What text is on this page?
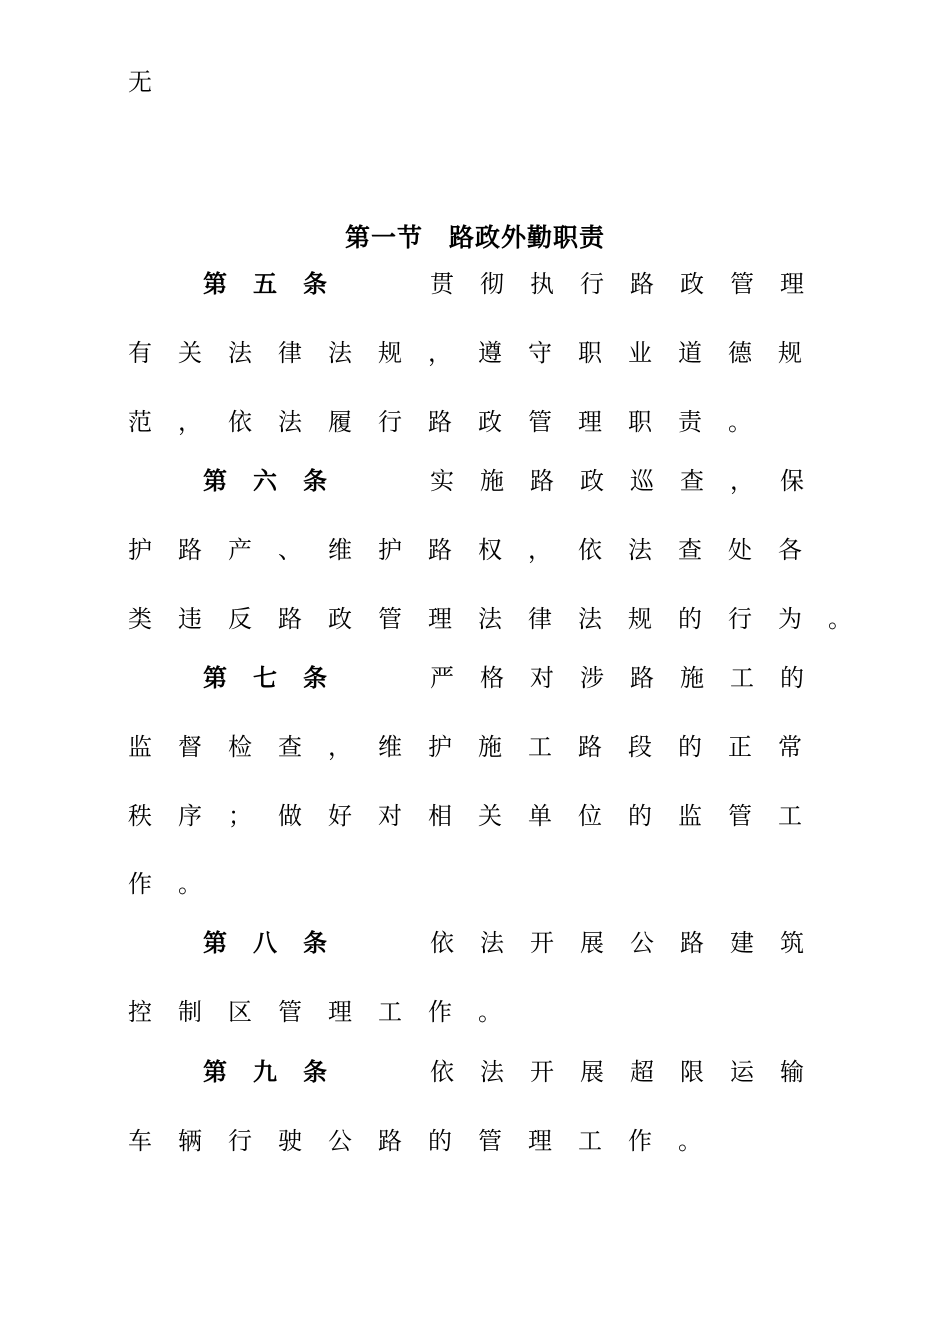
无
第一节　路政外勤职责
第五条	贯彻执行路政管理
有关法律法规，遵守职业道德规
范，依法履行路政管理职责。
第六条	实施路政巡查，保
护路产、维护路权，依法查处各
类违反路政管理法律法规的行为。
第七条	严格对涉路施工的
监督检查，维护施工路段的正常
秩序；做好对相关单位的监管工
作。
第八条	依法开展公路建筑
控制区管理工作。
第九条	依法开展超限运输
车辆行驶公路的管理工作。
